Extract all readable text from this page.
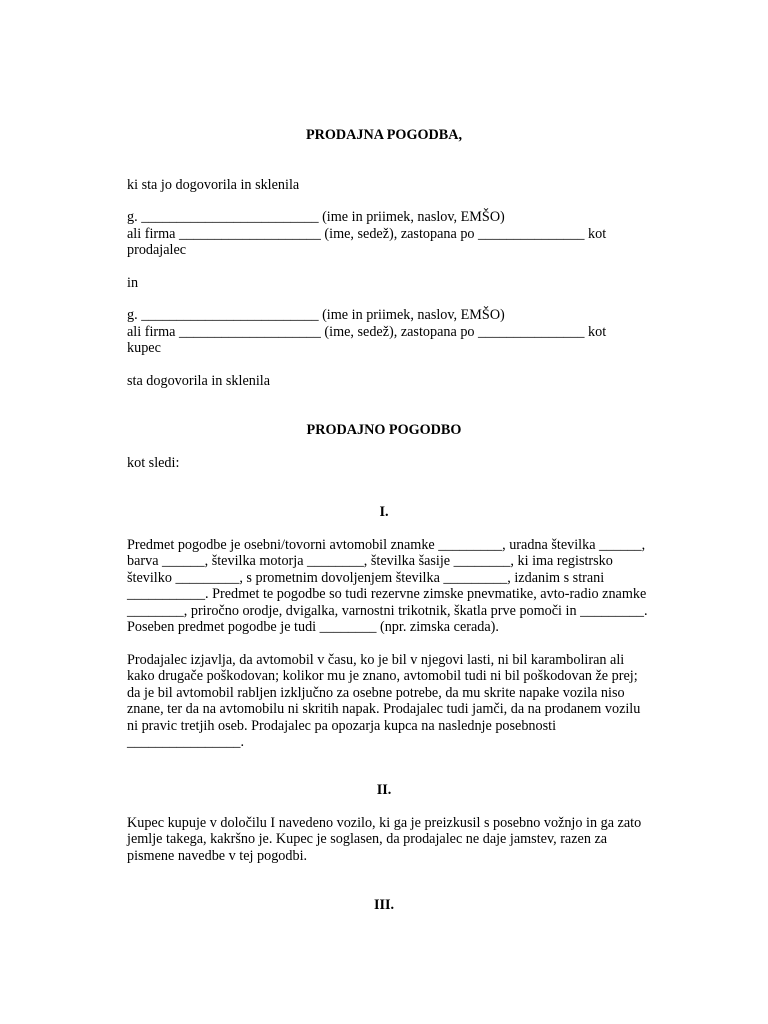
PRODAJNA POGODBA,

ki sta jo dogovorila in sklenila

g. _________________________ (ime in priimek, naslov, EMŠO)

ali firma ____________________ (ime, sedež), zastopana po _______________ kot

prodajalec

in

g. _________________________ (ime in priimek, naslov, EMŠO)

ali firma ____________________ (ime, sedež), zastopana po _______________ kot

kupec

sta dogovorila in sklenila

PRODAJNO POGODBO

kot sledi:

I.

Predmet pogodbe je osebni/tovorni avtomobil znamke _________, uradna številka ______,

barva ______, številka motorja ________, številka šasije ________, ki ima registrsko

številko _________, s prometnim dovoljenjem številka _________, izdanim s strani

___________. Predmet te pogodbe so tudi rezervne zimske pnevmatike, avto-radio znamke

________, priročno orodje, dvigalka, varnostni trikotnik, škatla prve pomoči in _________.

Poseben predmet pogodbe je tudi ________ (npr. zimska cerada).

Prodajalec izjavlja, da avtomobil v času, ko je bil v njegovi lasti, ni bil karamboliran ali

kako drugače poškodovan; kolikor mu je znano, avtomobil tudi ni bil poškodovan že prej;

da je bil avtomobil rabljen izključno za osebne potrebe, da mu skrite napake vozila niso

znane, ter da na avtomobilu ni skritih napak. Prodajalec tudi jamči, da na prodanem vozilu

ni pravic tretjih oseb. Prodajalec pa opozarja kupca na naslednje posebnosti

________________.

II.

Kupec kupuje v določilu I navedeno vozilo, ki ga je preizkusil s posebno vožnjo in ga zato

jemlje takega, kakršno je. Kupec je soglasen, da prodajalec ne daje jamstev, razen za

pismene navedbe v tej pogodbi.

III.
